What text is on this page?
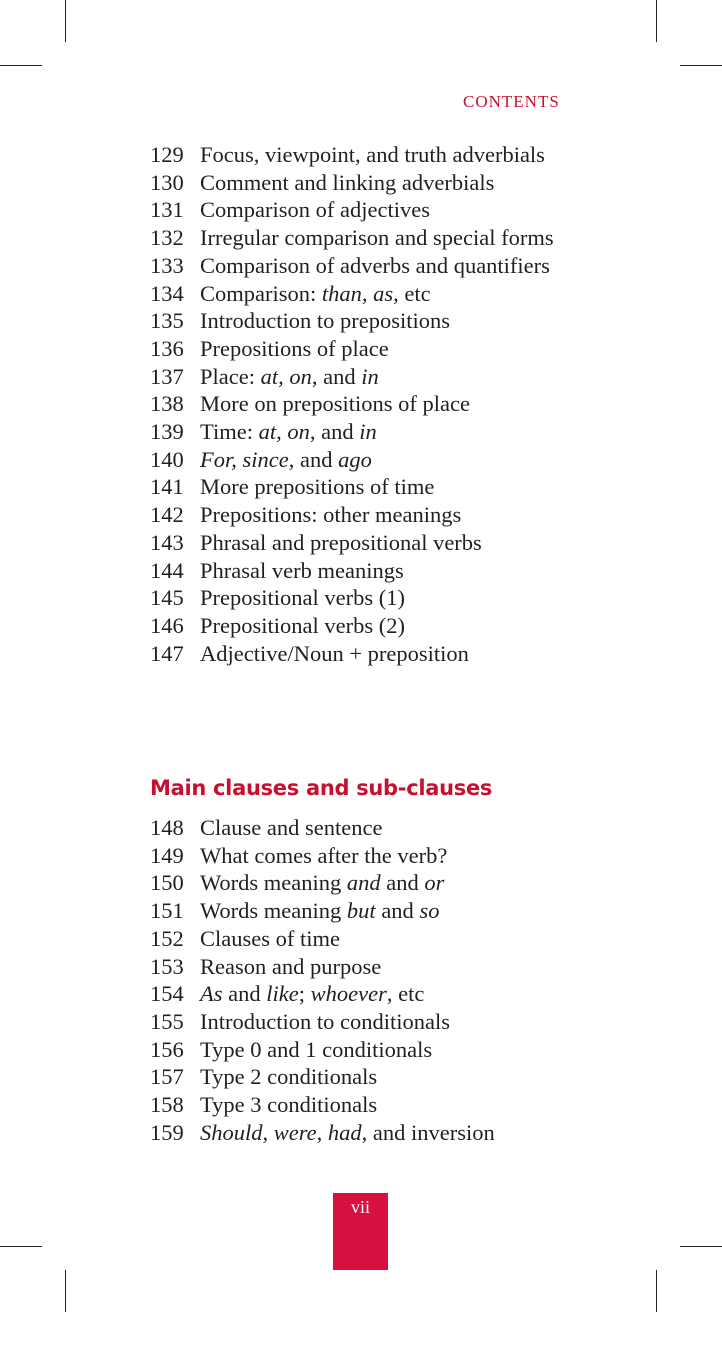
CONTENTS
129 Focus, viewpoint, and truth adverbials
130 Comment and linking adverbials
131 Comparison of adjectives
132 Irregular comparison and special forms
133 Comparison of adverbs and quantifiers
134 Comparison: than, as, etc
135 Introduction to prepositions
136 Prepositions of place
137 Place: at, on, and in
138 More on prepositions of place
139 Time: at, on, and in
140 For, since, and ago
141 More prepositions of time
142 Prepositions: other meanings
143 Phrasal and prepositional verbs
144 Phrasal verb meanings
145 Prepositional verbs (1)
146 Prepositional verbs (2)
147 Adjective/Noun + preposition
Main clauses and sub-clauses
148 Clause and sentence
149 What comes after the verb?
150 Words meaning and and or
151 Words meaning but and so
152 Clauses of time
153 Reason and purpose
154 As and like; whoever, etc
155 Introduction to conditionals
156 Type 0 and 1 conditionals
157 Type 2 conditionals
158 Type 3 conditionals
159 Should, were, had, and inversion
vii
